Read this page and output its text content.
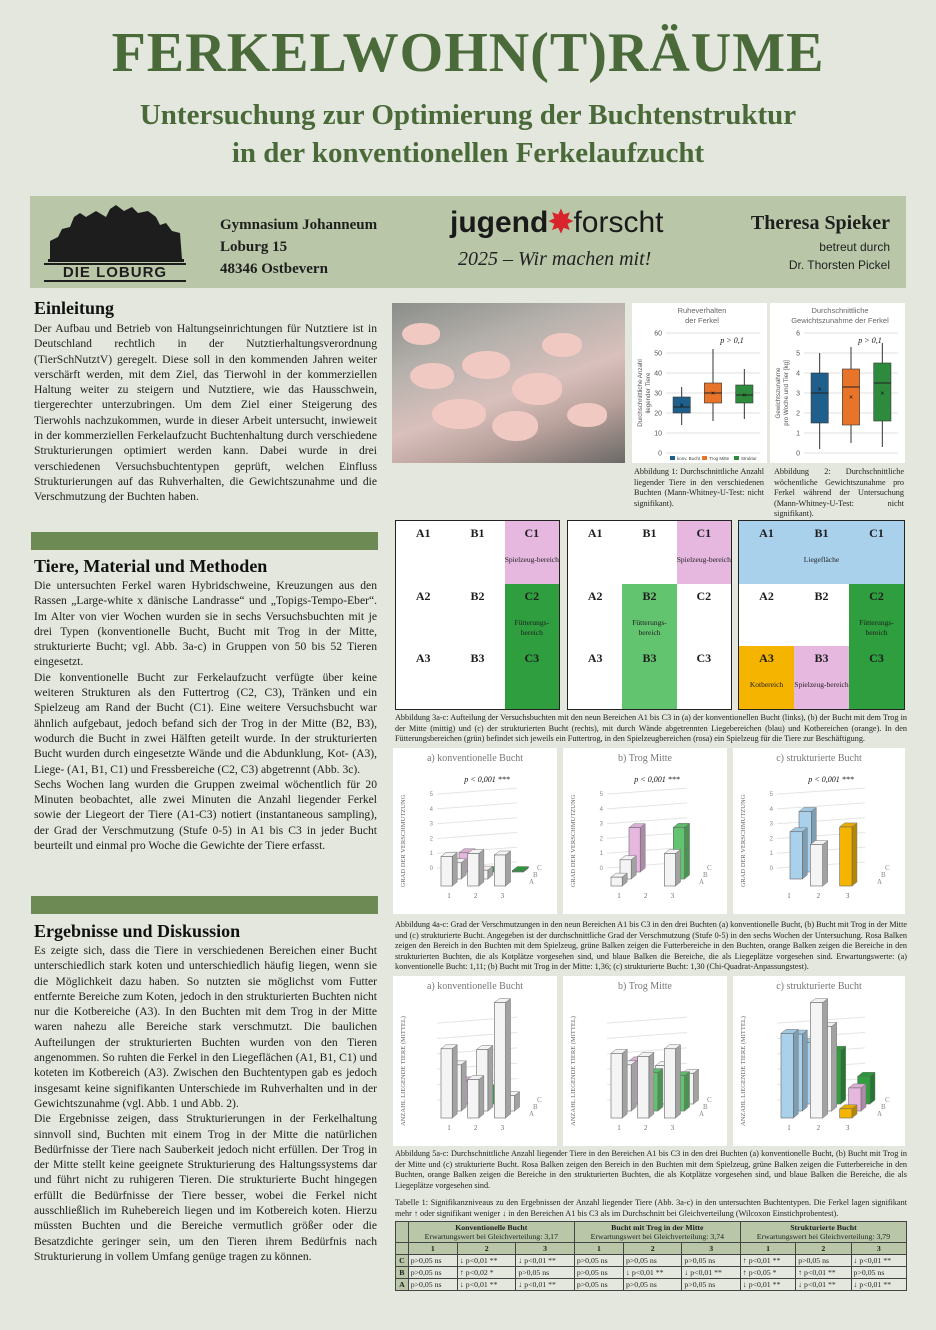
FERKELWOHN(T)RÄUME
Untersuchung zur Optimierung der Buchtenstruktur
in der konventionellen Ferkelaufzucht
DIE LOBURG
Gymnasium Johanneum
Loburg 15
48346 Ostbevern
jugend✸forscht
2025 – Wir machen mit!
Theresa Spieker
betreut durch
Dr. Thorsten Pickel
Einleitung
Der Aufbau und Betrieb von Haltungseinrichtungen für Nutztiere ist in Deutschland rechtlich in der Nutztierhaltungsverordnung (TierSchNutztV) geregelt. Diese soll in den kommenden Jahren weiter verschärft werden, mit dem Ziel, das Tierwohl in der kommerziellen Haltung weiter zu steigern und Nutztiere, wie das Hausschwein, tiergerechter unterzubringen. Um dem Ziel einer Steigerung des Tierwohls nachzukommen, wurde in dieser Arbeit untersucht, inwieweit in der kommerziellen Ferkelaufzucht Buchtenhaltung durch verschiedene Strukturierungen optimiert werden kann. Dabei wurde in drei verschiedenen Versuchsbuchtentypen geprüft, welchen Einfluss Strukturierungen auf das Ruhverhalten, die Gewichtszunahme und die Verschmutzung der Buchten haben.
Tiere, Material und Methoden
Die untersuchten Ferkel waren Hybridschweine, Kreuzungen aus den Rassen „Large-white x dänische Landrasse“ und „Topigs-Tempo-Eber“. Im Alter von vier Wochen wurden sie in sechs Versuchsbuchten mit je drei Typen (konventionelle Bucht, Bucht mit Trog in der Mitte, strukturierte Bucht; vgl. Abb. 3a-c) in Gruppen von 50 bis 52 Tieren eingesetzt.
Die konventionelle Bucht zur Ferkelaufzucht verfügte über keine weiteren Strukturen als den Futtertrog (C2, C3), Tränken und ein Spielzeug am Rand der Bucht (C1). Eine weitere Versuchsbucht war ähnlich aufgebaut, jedoch befand sich der Trog in der Mitte (B2, B3), wodurch die Bucht in zwei Hälften geteilt wurde. In der strukturierten Bucht wurden durch eingesetzte Wände und die Abdunklung, Kot- (A3), Liege- (A1, B1, C1) und Fressbereiche (C2, C3) abgetrennt (Abb. 3c).
Sechs Wochen lang wurden die Gruppen zweimal wöchentlich für 20 Minuten beobachtet, alle zwei Minuten die Anzahl liegender Ferkel sowie der Liegeort der Tiere (A1-C3) notiert (instantaneous sampling), der Grad der Verschmutzung (Stufe 0-5) in A1 bis C3 in jeder Bucht beurteilt und einmal pro Woche die Gewichte der Tiere erfasst.
Ergebnisse und Diskussion
Es zeigte sich, dass die Tiere in verschiedenen Bereichen einer Bucht unterschiedlich stark koten und unterschiedlich häufig liegen, wenn sie die Möglichkeit dazu haben. So nutzten sie möglichst vom Futter entfernte Bereiche zum Koten, jedoch in den strukturierten Buchten nicht nur die Kotbereiche (A3). In den Buchten mit dem Trog in der Mitte waren nahezu alle Bereiche stark verschmutzt. Die baulichen Aufteilungen der strukturierten Buchten wurden von den Tieren angenommen. So ruhten die Ferkel in den Liegeflächen (A1, B1, C1) und koteten im Kotbereich (A3). Zwischen den Buchtentypen gab es jedoch insgesamt keine signifikanten Unterschiede im Ruhverhalten und in der Gewichtszunahme (vgl. Abb. 1 und Abb. 2).
Die Ergebnisse zeigen, dass Strukturierungen in der Ferkelhaltung sinnvoll sind, Buchten mit einem Trog in der Mitte die natürlichen Bedürfnisse der Tiere nach Sauberkeit jedoch nicht erfüllen. Der Trog in der Mitte stellt keine geeignete Strukturierung des Haltungssystems dar und führt nicht zu ruhigeren Tieren. Die strukturierte Bucht hingegen erfüllt die Bedürfnisse der Tiere besser, wobei die Ferkel nicht ausschließlich im Ruhebereich liegen und im Kotbereich koten. Hierzu müssten Buchten und die Bereiche vermutlich größer oder die Besatzdichte geringer sein, um den Tieren ihrem Bedürfnis nach Strukturierung in vollem Umfang genüge tragen zu können.
Ruheverhalten
der Ferkel
0
10
20
30
40
50
60
Durchschnittliche Anzahl liegender Tiere
p > 0,1
×
×	×
konv. Bucht Trog Mitte	Struktur
Durchschnittliche
Gewichtszunahme der Ferkel
0
1
2
3
4
5
6
Gewichtszunahme pro Woche und Tier [kg]
p > 0,1
×
×
×
Abbildung 1: Durchschnittliche Anzahl liegender Tiere in den verschiedenen Buchten (Mann-Whitney-U-Test: nicht signifikant).
Abbildung 2: Durchschnittliche wöchentliche Gewichtszunahme pro Ferkel während der Untersuchung (Mann-Whitney-U-Test: nicht signifikant).
A1	B1	C1
Spielzeug-bereich
A2	B2	C2
Fütterungs-bereich
A3	B3	C3
A1	B1	C1
Spielzeug-bereich
A2	B2
Fütterungs-bereich
C2
A3	B3	C3
A1	B1
Liegefläche
C1
A2	B2	C2
Fütterungs-bereich
A3
Kotbereich
B3
Spielzeug-bereich
C3
Abbildung 3a-c: Aufteilung der Versuchsbuchten mit den neun Bereichen A1 bis C3 in (a) der konventionellen Bucht (links), (b) der Bucht mit dem Trog in der Mitte (mittig) und (c) der strukturierten Bucht (rechts), mit durch Wände abgetrennten Liegebereichen (blau) und Kotbereichen (orange). In den Fütterungsbereichen (grün) befindet sich jeweils ein Futtertrog, in den Spielzeugbereichen (rosa) ein Spielzeug für die Tiere zur Beschäftigung.
a) konventionelle Bucht
p < 0,001 ***
GRAD DER VERSCHMUTZUNG	0
1
2
3
4
5
C
B
A
1	2	3
b) Trog Mitte
p < 0,001 ***
GRAD DER VERSCHMUTZUNG	0
1
2
3
4
5
C
B
A
1	2	3
c) strukturierte Bucht
p < 0,001 ***
GRAD DER VERSCHMUTZUNG	0
1
2
3
4
5
C
B
A
1	2	3
Abbildung 4a-c: Grad der Verschmutzungen in den neun Bereichen A1 bis C3 in den drei Buchten (a) konventionelle Bucht, (b) Bucht mit Trog in der Mitte und (c) strukturierte Bucht. Angegeben ist der durchschnittliche Grad der Verschmutzung (Stufe 0-5) in den sechs Wochen der Untersuchung. Rosa Balken zeigen den Bereich in den Buchten mit dem Spielzeug, grüne Balken zeigen die Futterbereiche in den Buchten, orange Balken zeigen die Bereiche in den strukturierten Buchten, die als Kotplätze vorgesehen sind, und blaue Balken die Bereiche, die als Liegeplätze vorgesehen sind. Erwartungswerte: (a) konventionelle Bucht: 1,11; (b) Bucht mit Trog in der Mitte: 1,36; (c) strukturierte Bucht: 1,30 (Chi-Quadrat-Anpassungstest).
a) konventionelle Bucht
ANZAHL LIEGENDE TIERE (MITTEL)	C
B
A
1	2	3
b) Trog Mitte
ANZAHL LIEGENDE TIERE (MITTEL)	C
B
A
1	2	3
c) strukturierte Bucht
ANZAHL LIEGENDE TIERE (MITTEL)	C
B
A
1	2	3
Abbildung 5a-c: Durchschnittliche Anzahl liegender Tiere in den Bereichen A1 bis C3 in den drei Buchten (a) konventionelle Bucht, (b) Bucht mit Trog in der Mitte und (c) strukturierte Bucht. Rosa Balken zeigen den Bereich in den Buchten mit dem Spielzeug, grüne Balken zeigen die Futterbereiche in den Buchten, orange Balken zeigen die Bereiche in den strukturierten Buchten, die als Kotplätze vorgesehen sind, und blaue Balken die Bereiche, die als Liegeplätze vorgesehen sind.
Tabelle 1: Signifikanzniveaus zu den Ergebnissen der Anzahl liegender Tiere (Abb. 3a-c) in den untersuchten Buchtentypen. Die Ferkel lagen signifikant mehr ↑ oder signifikant weniger ↓ in den Bereichen A1 bis C3 als im Durchschnitt bei Gleichverteilung (Wilcoxon Einstichprobentest).
	Konventionelle Bucht
Erwartungswert bei Gleichverteilung: 3,17			Bucht mit Trog in der Mitte
Erwartungswert bei Gleichverteilung: 3,74			Strukturierte Bucht
Erwartungswert bei Gleichverteilung: 3,79		
	1	2	3	1	2	3	1	2	3
C	p>0,05 ns	↓ p<0,01 **	↓ p<0,01 **	p>0,05 ns	p>0,05 ns	p>0,05 ns	↑ p<0,01 **	p>0,05 ns	↓ p<0,01 **
B	p>0,05 ns	↑ p<0,02 *	p>0,05 ns	p>0,05 ns	↓ p<0,01 **	↓ p<0,01 **	↑ p<0,05 *	↑ p<0,01 **	p>0,05 ns
A	p>0,05 ns	↓ p<0,01 **	↓ p<0,01 **	p>0,05 ns	p>0,05 ns	p>0,05 ns	↓ p<0,01 **	↓ p<0,01 **	↓ p<0,01 **
